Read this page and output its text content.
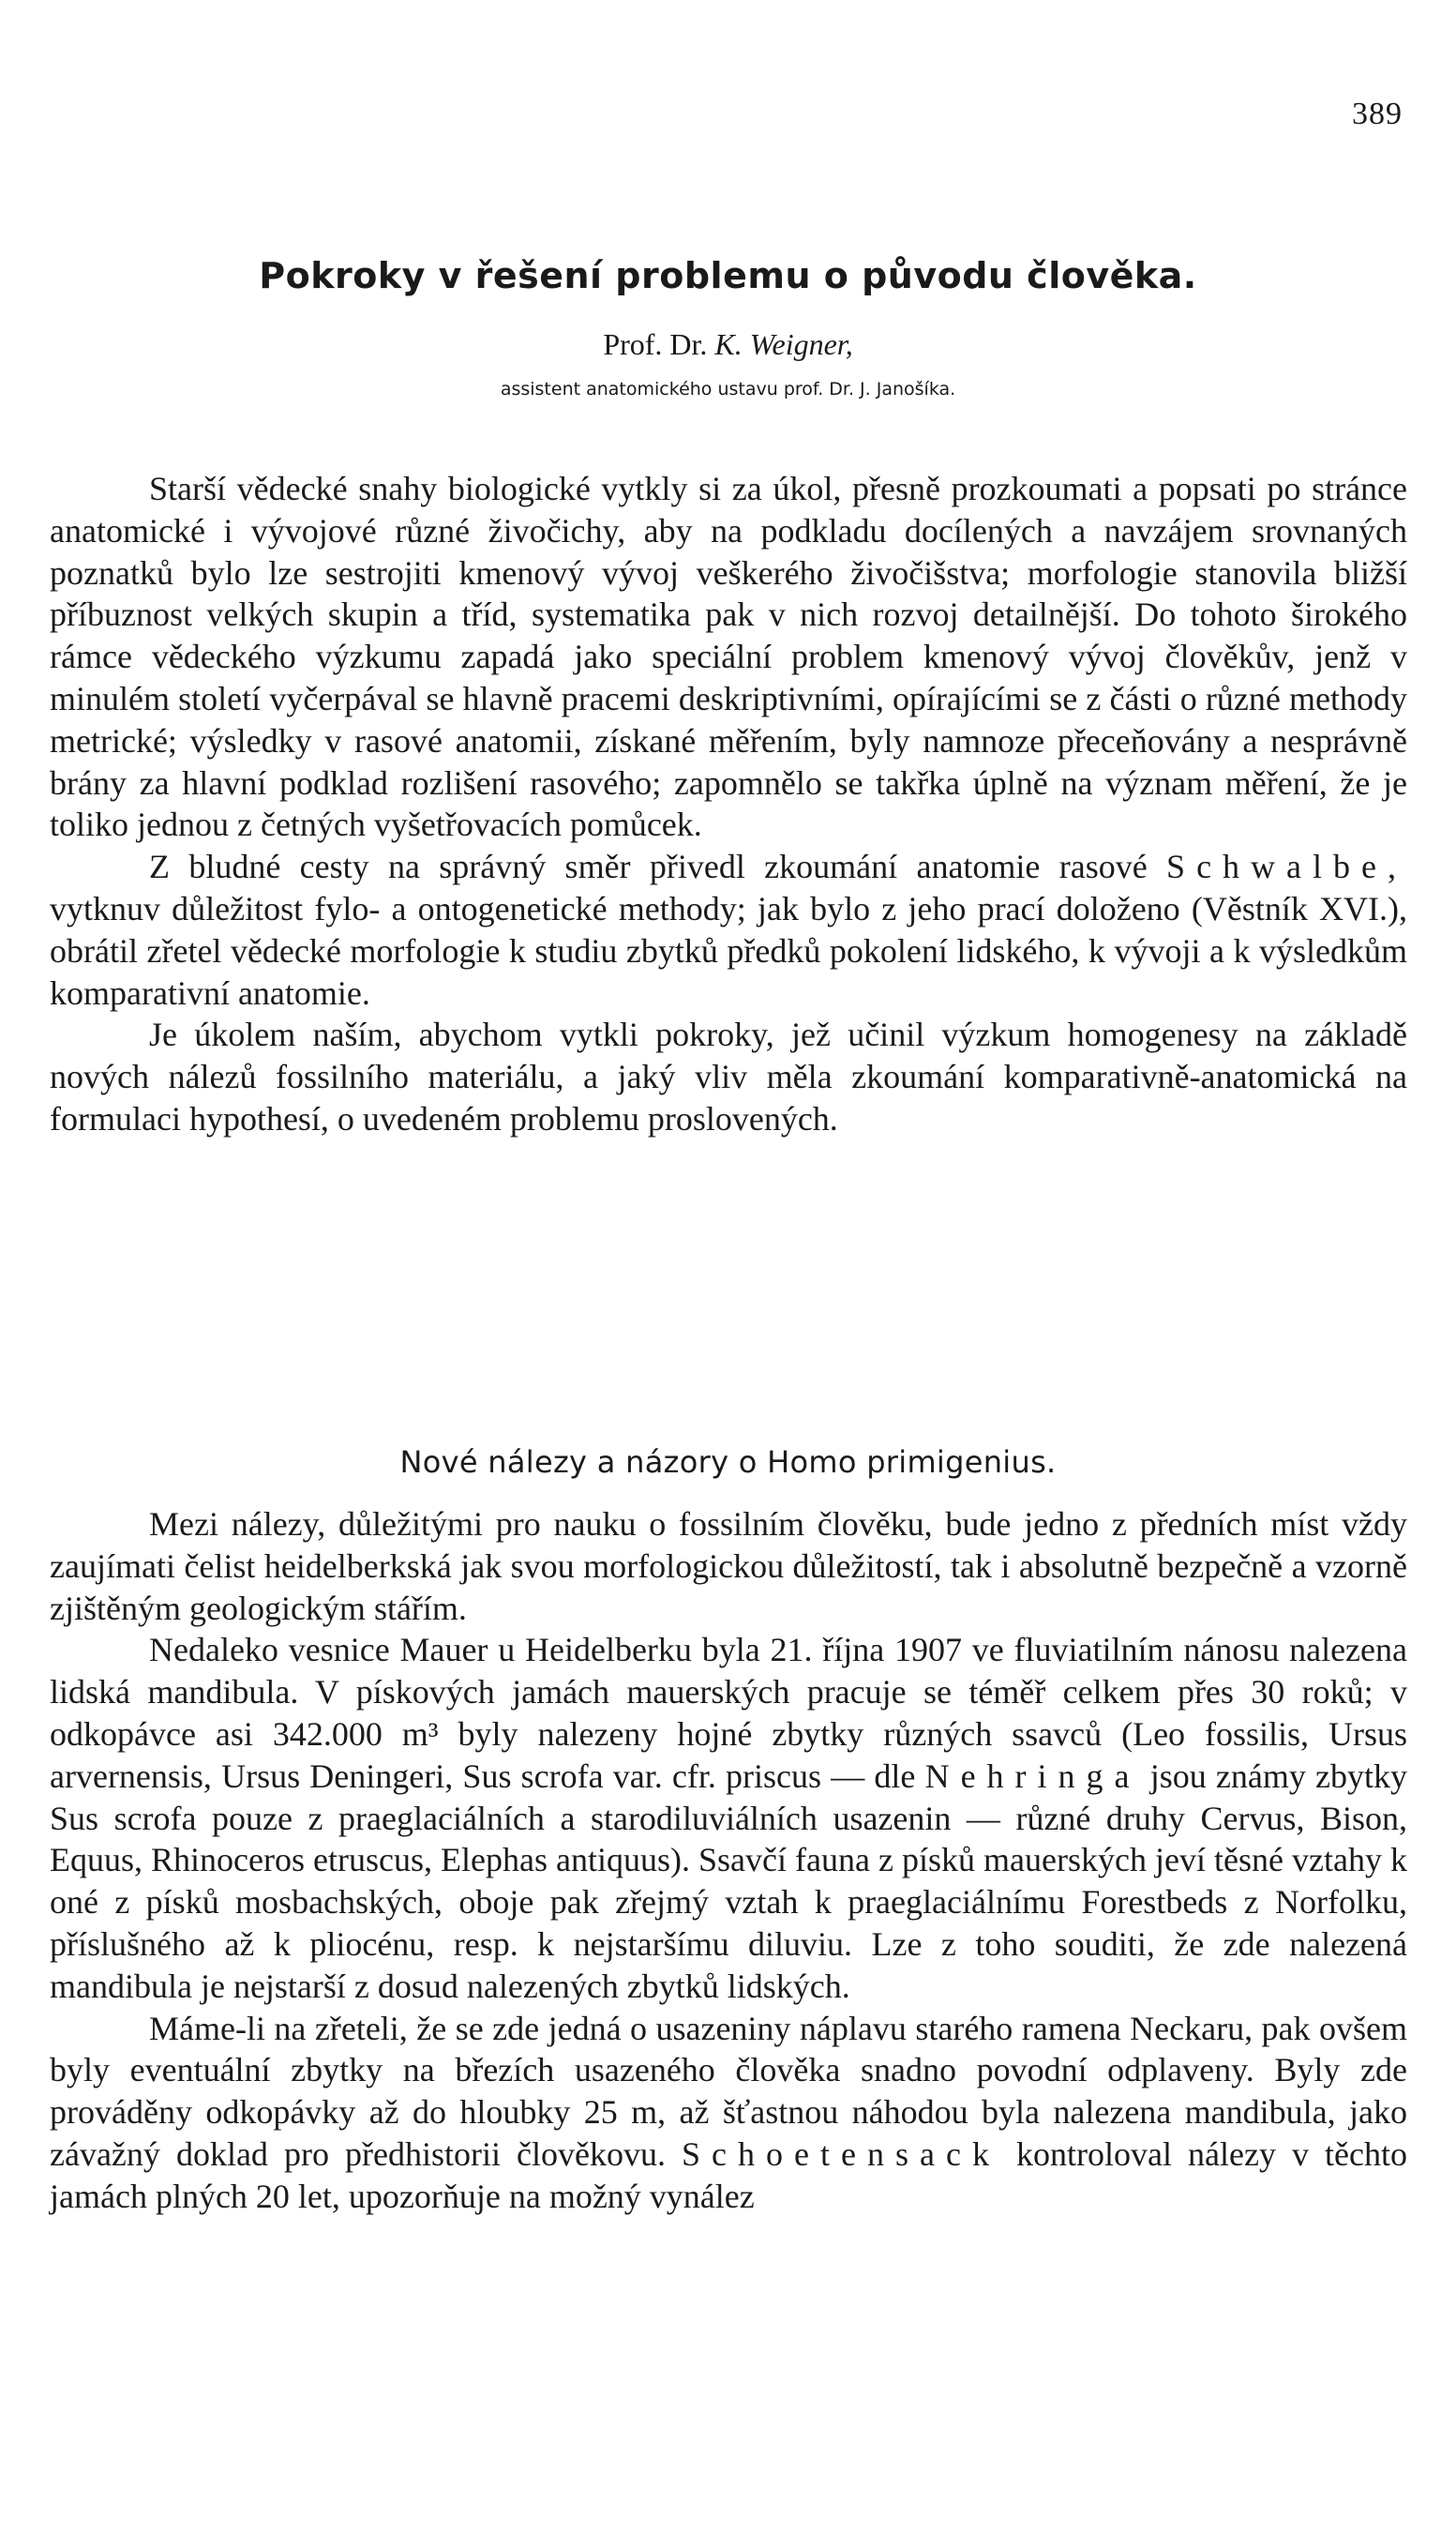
389
Pokroky v řešení problemu o původu člověka.
Prof. Dr. K. Weigner,
assistent anatomického ustavu prof. Dr. J. Janošíka.

Starší vědecké snahy biologické vytkly si za úkol, přesně prozkoumati a popsati po stránce anatomické i vývojové různé živočichy, aby na podkladu docílených a navzájem srovnaných poznatků bylo lze sestrojiti kmenový vývoj veškerého živočišstva; morfologie stanovila bližší příbuznost velkých skupin a tříd, systematika pak v nich rozvoj detailnější. Do tohoto širokého rámce vědeckého výzkumu zapadá jako speciální problem kmenový vývoj člověkův, jenž v minulém století vyčerpával se hlavně pracemi deskriptivními, opírajícími se z části o různé methody metrické; výsledky v rasové anatomii, získané měřením, byly namnoze přeceňovány a nesprávně brány za hlavní podklad rozlišení rasového; zapomnělo se takřka úplně na význam měření, že je toliko jednou z četných vyšetřovacích pomůcek.

Z bludné cesty na správný směr přivedl zkoumání anatomie rasové Schwalbe, vytknuv důležitost fylo- a ontogenetické methody; jak bylo z jeho prací doloženo (Věstník XVI.), obrátil zřetel vědecké morfologie k studiu zbytků předků pokolení lidského, k vývoji a k výsledkům komparativní anatomie.

Je úkolem naším, abychom vytkli pokroky, jež učinil výzkum homogenesy na základě nových nálezů fossilního materiálu, a jaký vliv měla zkoumání komparativně-anatomická na formulaci hypothesí, o uvedeném problemu proslovených.

Nové nálezy a názory o Homo primigenius.

Mezi nálezy, důležitými pro nauku o fossilním člověku, bude jedno z předních míst vždy zaujímati čelist heidelberkská jak svou morfologickou důležitostí, tak i absolutně bezpečně a vzorně zjištěným geologickým stářím.

Nedaleko vesnice Mauer u Heidelberku byla 21. října 1907 ve fluviatilním nánosu nalezena lidská mandibula. V pískových jamách mauerských pracuje se téměř celkem přes 30 roků; v odkopávce asi 342.000 m³ byly nalezeny hojné zbytky různých ssavců (Leo fossilis, Ursus arvernensis, Ursus Deningeri, Sus scrofa var. cfr. priscus — dle Nehringa jsou známy zbytky Sus scrofa pouze z praeglaciálních a starodiluviálních usazenin — různé druhy Cervus, Bison, Equus, Rhinoceros etruscus, Elephas antiquus). Ssavčí fauna z písků mauerských jeví těsné vztahy k oné z písků mosbachských, oboje pak zřejmý vztah k praeglaciálnímu Forestbeds z Norfolku, příslušného až k pliocénu, resp. k nejstaršímu diluviu. Lze z toho souditi, že zde nalezená mandibula je nejstarší z dosud nalezených zbytků lidských.

Máme-li na zřeteli, že se zde jedná o usazeniny náplavu starého ramena Neckaru, pak ovšem byly eventuální zbytky na březích usazeného člověka snadno povodní odplaveny. Byly zde prováděny odkopávky až do hloubky 25 m, až šťastnou náhodou byla nalezena mandibula, jako závažný doklad pro předhistorii člověkovu. Schoetensack kontroloval nálezy v těchto jamách plných 20 let, upozorňuje na možný vynález
